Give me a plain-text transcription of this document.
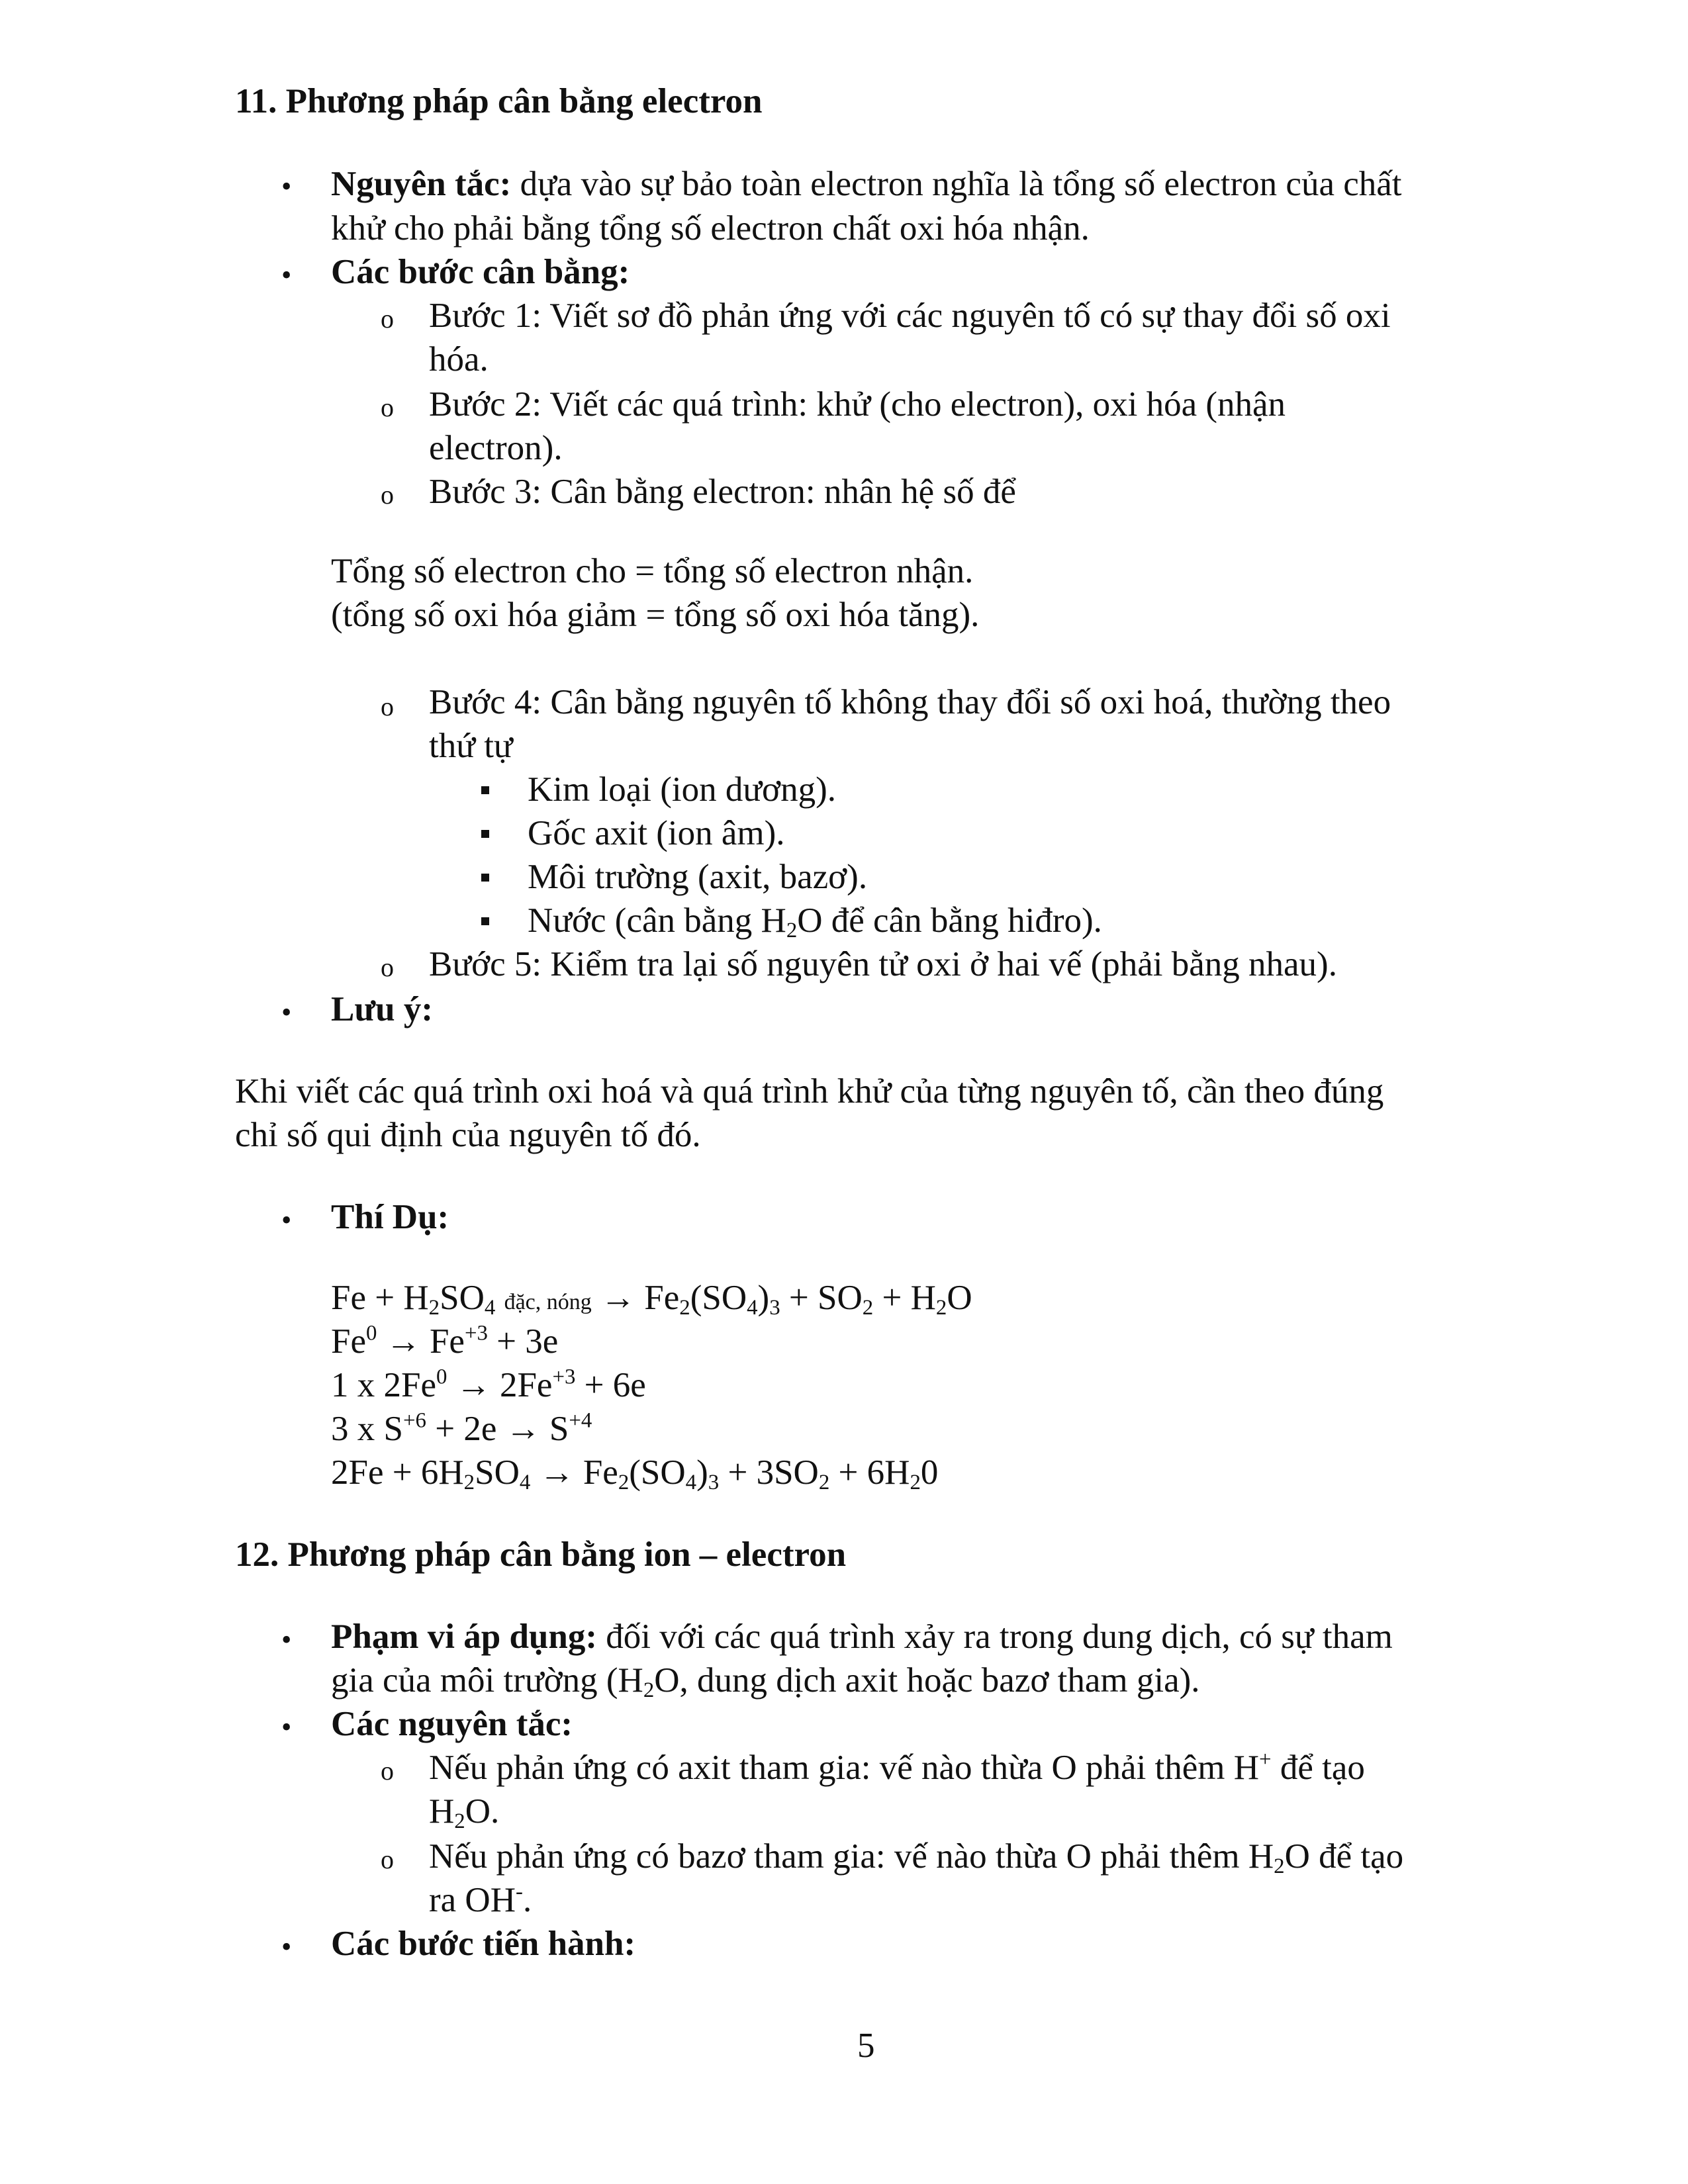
11. Phương pháp cân bằng electron
• Nguyên tắc: dựa vào sự bảo toàn electron nghĩa là tổng số electron của chất
khử cho phải bằng tổng số electron chất oxi hóa nhận.
• Các bước cân bằng:
o Bước 1: Viết sơ đồ phản ứng với các nguyên tố có sự thay đổi số oxi
hóa.
o Bước 2: Viết các quá trình: khử (cho electron), oxi hóa (nhận
electron).
o Bước 3: Cân bằng electron: nhân hệ số để
Tổng số electron cho = tổng số electron nhận.
(tổng số oxi hóa giảm = tổng số oxi hóa tăng).
o Bước 4: Cân bằng nguyên tố không thay đổi số oxi hoá, thường theo
thứ tự
Kim loại (ion dương).
Gốc axit (ion âm).
Môi trường (axit, bazơ).
Nước (cân bằng $H_2O$ để cân bằng hiđro).
o Bước 5: Kiểm tra lại số nguyên tử oxi ở hai vế (phải bằng nhau).
• Lưu ý:
Khi viết các quá trình oxi hoá và quá trình khử của từng nguyên tố, cần theo đúng
chỉ số qui định của nguyên tố đó.
• Thí Dụ:
$Fe + H_2SO_4$ đặc, nóng → $Fe_2(SO_4)_3 + SO_2 + H_2O$
$Fe^0 \to Fe^{+3} + 3e$
1 x $2Fe^0 \to 2Fe^{+3} + 6e$
3 x $S^{+6} + 2e \to S^{+4}$
$2Fe + 6H_2SO_4 \to Fe_2(SO_4)_3 + 3SO_2 + 6H_20$
12. Phương pháp cân bằng ion – electron
• Phạm vi áp dụng: đối với các quá trình xảy ra trong dung dịch, có sự tham
gia của môi trường ($H_2O$, dung dịch axit hoặc bazơ tham gia).
• Các nguyên tắc:
o Nếu phản ứng có axit tham gia: vế nào thừa O phải thêm H+ để tạo
$H_2O$.
o Nếu phản ứng có bazơ tham gia: vế nào thừa O phải thêm $H_2O$ để tạo
ra OH-.
• Các bước tiến hành:
5
